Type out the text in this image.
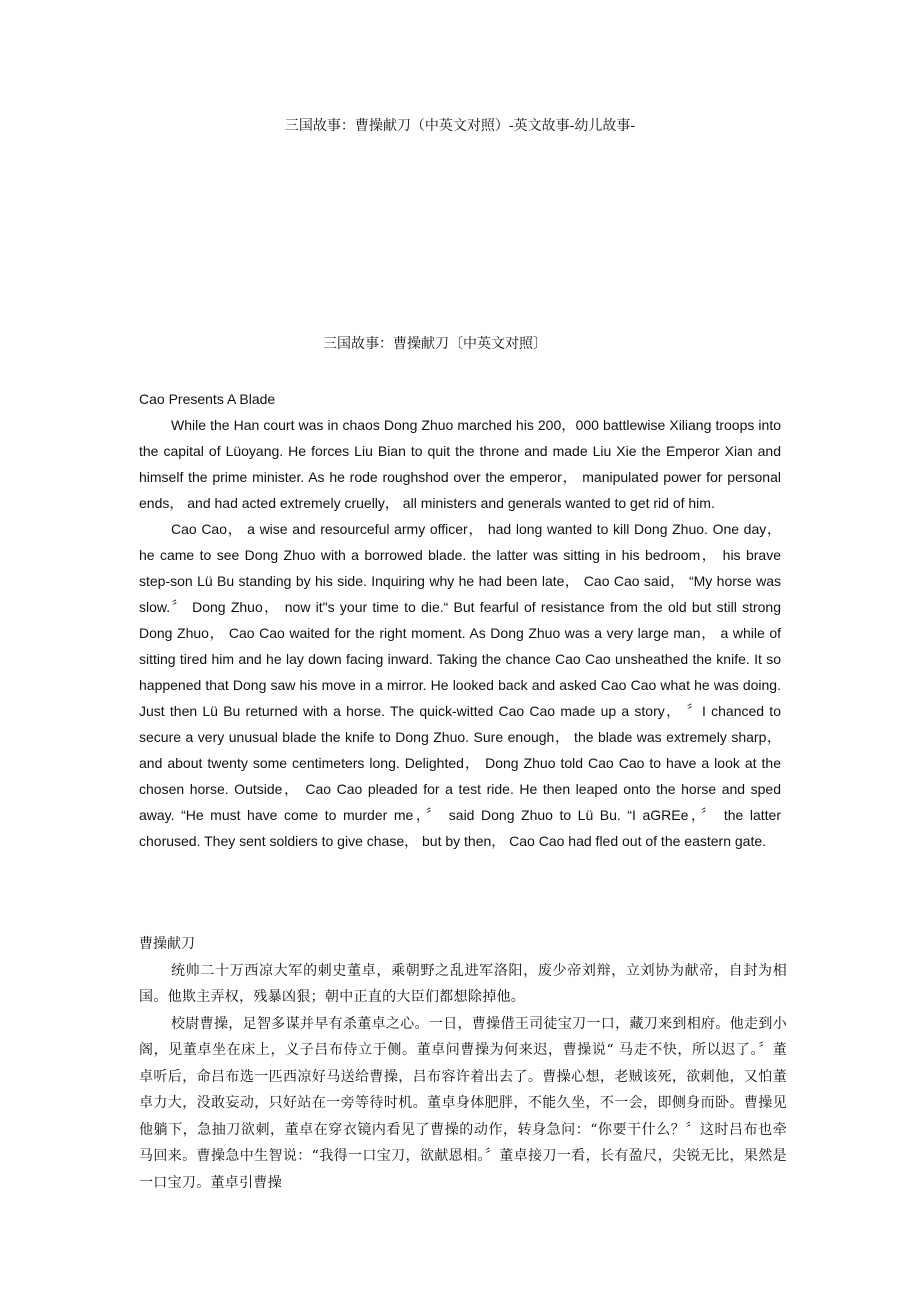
三国故事：曹操献刀（中英文对照）-英文故事-幼儿故事-
三国故事：曹操献刀〔中英文对照〕
Cao Presents A Blade

While the Han court was in chaos Dong Zhuo marched his 200，000 battlewise Xiliang troops into the capital of Lüoyang. He forces Liu Bian to quit the throne and made Liu Xie the Emperor Xian and himself the prime minister. As he rode roughshod over the emperor， manipulated power for personal ends， and had acted extremely cruelly， all ministers and generals wanted to get rid of him.

Cao Cao， a wise and resourceful army officer， had long wanted to kill Dong Zhuo. One day， he came to see Dong Zhuo with a borrowed blade. the latter was sitting in his bedroom， his brave step-son Lü Bu standing by his side. Inquiring why he had been late， Cao Cao said， “My horse was slow.〞 Dong Zhuo， now it"s your time to die.“ But fearful of resistance from the old but still strong Dong Zhuo， Cao Cao waited for the right moment. As Dong Zhuo was a very large man， a while of sitting tired him and he lay down facing inward. Taking the chance Cao Cao unsheathed the knife. It so happened that Dong saw his move in a mirror. He looked back and asked Cao Cao what he was doing. Just then Lü Bu returned with a horse. The quick-witted Cao Cao made up a story， 〞I chanced to secure a very unusual blade the knife to Dong Zhuo. Sure enough， the blade was extremely sharp， and about twenty some centimeters long. Delighted， Dong Zhuo told Cao Cao to have a look at the chosen horse. Outside， Cao Cao pleaded for a test ride. He then leaped onto the horse and sped away. “He must have come to murder me，〞 said Dong Zhuo to Lü Bu. “I aGREe，〞 the latter chorused. They sent soldiers to give chase， but by then， Cao Cao had fled out of the eastern gate.

曹操献刀

统帅二十万西凉大军的刺史董卓，乘朝野之乱进军洛阳，废少帝刘辩，立刘协为献帝，自封为相国。他欺主弄权，残暴凶狠；朝中正直的大臣们都想除掉他。

校尉曹操，足智多谋并早有杀董卓之心。一日，曹操借王司徒宝刀一口，藏刀来到相府。他走到小阁，见董卓坐在床上，义子吕布侍立于侧。董卓问曹操为何来迟，曹操说“ 马走不快，所以迟了。〞董卓听后，命吕布选一匹西凉好马送给曹操，吕布容许着出去了。曹操心想，老贼该死，欲刺他，又怕董卓力大，没敢妄动，只好站在一旁等待时机。董卓身体肥胖，不能久坐，不一会，即侧身而卧。曹操见他躺下，急抽刀欲刺，董卓在穿衣镜内看见了曹操的动作，转身急问：“你要干什么？〞这时吕布也牵马回来。曹操急中生智说：“我得一口宝刀，欲献恩相。〞董卓接刀一看，长有盈尺，尖锐无比，果然是一口宝刀。董卓引曹操
